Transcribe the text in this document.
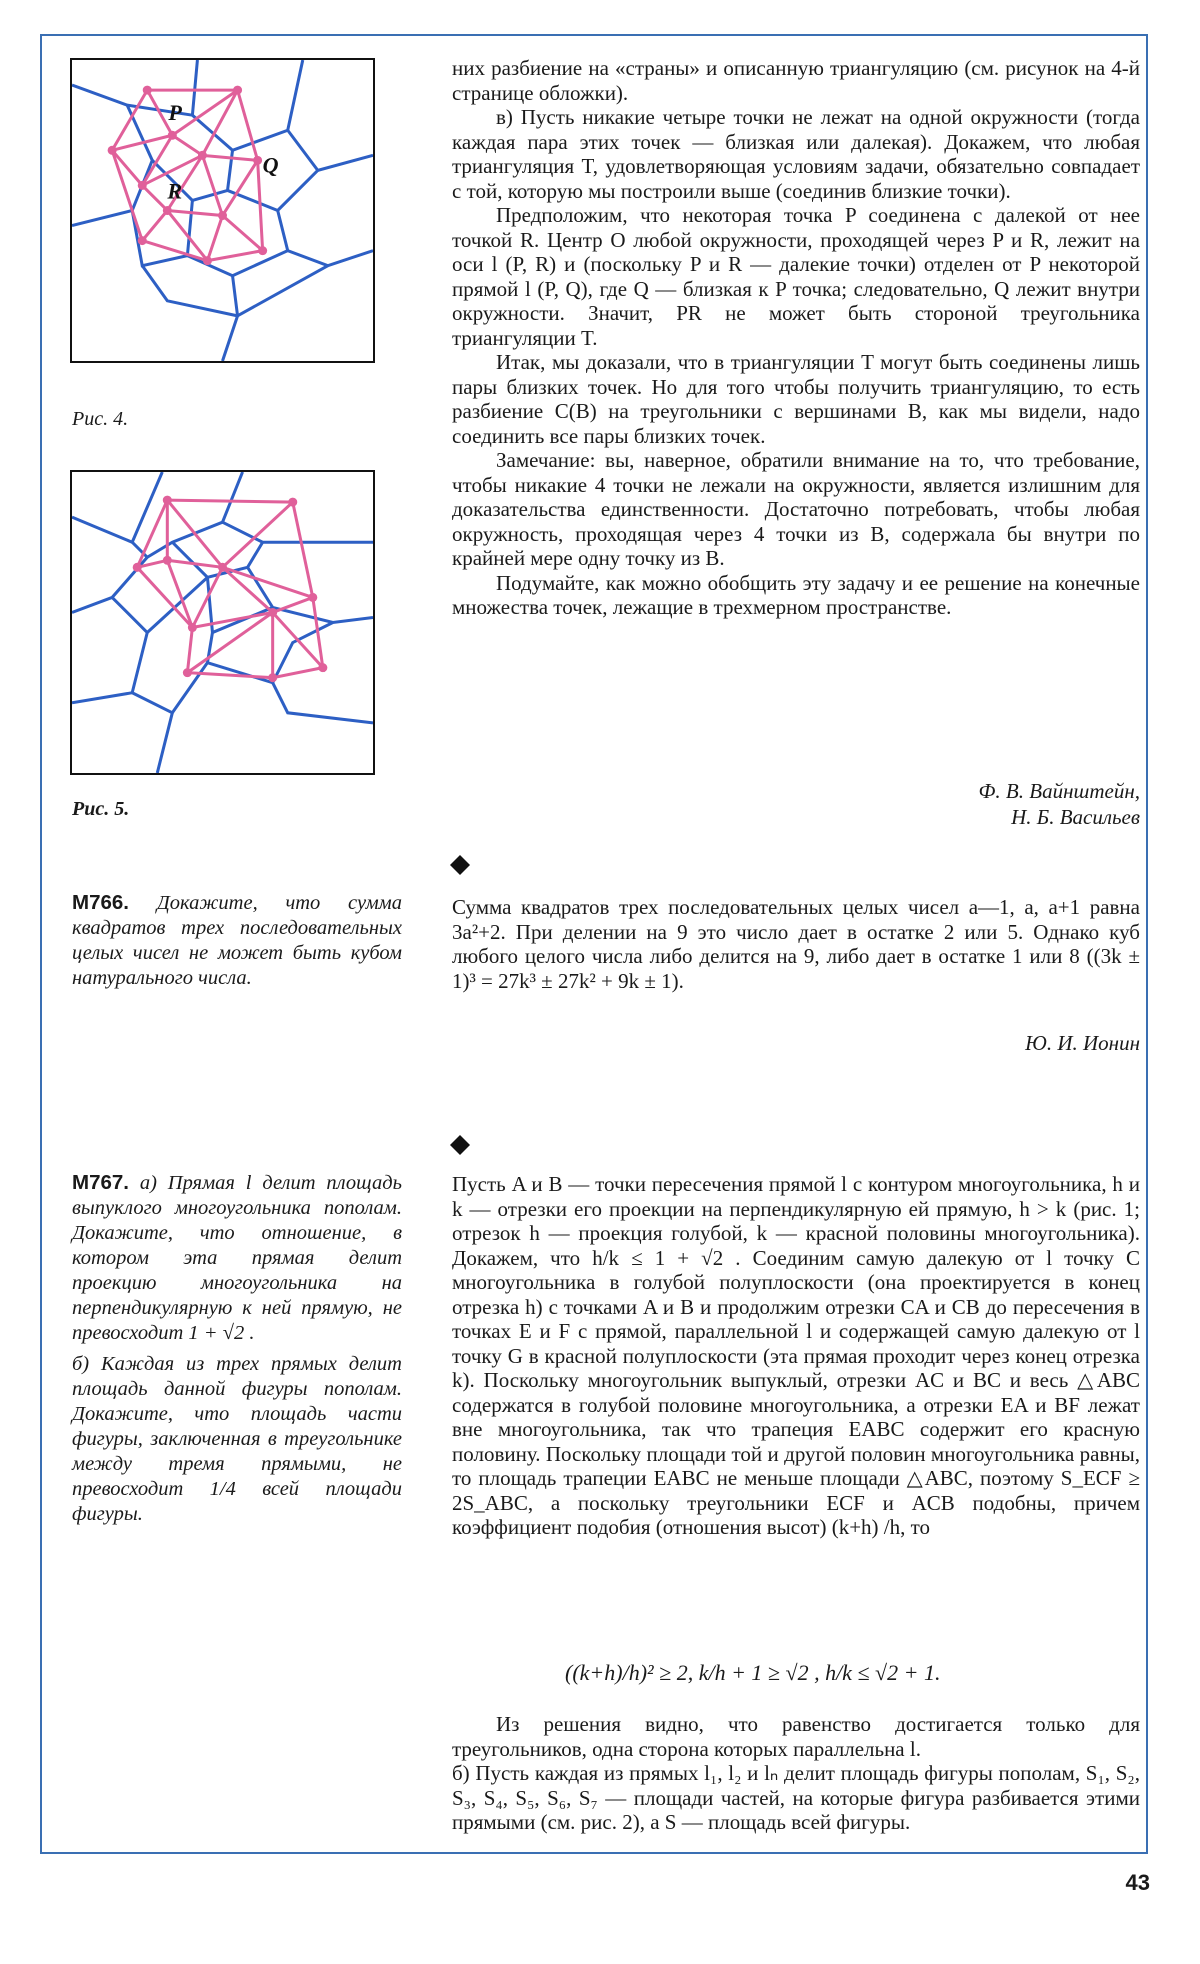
P
Q
R
Рис. 4.
Рис. 5.

них разбиение на «страны» и описанную триангуляцию (см. рисунок на 4-й странице обложки).

в) Пусть никакие четыре точки не лежат на одной окружности (тогда каждая пара этих точек — близкая или далекая). Докажем, что любая триангуляция T, удовлетворяющая условиям задачи, обязательно совпадает с той, которую мы построили выше (соединив близкие точки).

Предположим, что некоторая точка P соединена с далекой от нее точкой R. Центр O любой окружности, проходящей через P и R, лежит на оси l (P, R) и (поскольку P и R — далекие точки) отделен от P некоторой прямой l (P, Q), где Q — близкая к P точка; следовательно, Q лежит внутри окружности. Значит, PR не может быть стороной треугольника триангуляции T.

Итак, мы доказали, что в триангуляции T могут быть соединены лишь пары близких точек. Но для того чтобы получить триангуляцию, то есть разбиение C(B) на треугольники с вершинами B, как мы видели, надо соединить все пары близких точек.

Замечание: вы, наверное, обратили внимание на то, что требование, чтобы никакие 4 точки не лежали на окружности, является излишним для доказательства единственности. Достаточно потребовать, чтобы любая окружность, проходящая через 4 точки из B, содержала бы внутри по крайней мере одну точку из B.

Подумайте, как можно обобщить эту задачу и ее решение на конечные множества точек, лежащие в трехмерном пространстве.

Ф. В. Вайнштейн,
Н. Б. Васильев
М766. Докажите, что сумма квадратов трех последовательных целых чисел не может быть кубом натурального числа.

Сумма квадратов трех последовательных целых чисел a—1, a, a+1 равна 3a²+2. При делении на 9 это число дает в остатке 2 или 5. Однако куб любого целого числа либо делится на 9, либо дает в остатке 1 или 8 ((3k ± 1)³ = 27k³ ± 27k² + 9k ± 1).

Ю. И. Ионин
М767. а) Прямая l делит площадь выпуклого многоугольника пополам. Докажите, что отношение, в котором эта прямая делит проекцию многоугольника на перпендикулярную к ней прямую, не превосходит 1 + √2 .
б) Каждая из трех прямых делит площадь данной фигуры пополам. Докажите, что площадь части фигуры, заключенная в треугольнике между тремя прямыми, не превосходит 1/4 всей площади фигуры.

Пусть A и B — точки пересечения прямой l с контуром многоугольника, h и k — отрезки его проекции на перпендикулярную ей прямую, h > k (рис. 1; отрезок h — проекция голубой, k — красной половины многоугольника). Докажем, что h/k ≤ 1 + √2 . Соединим самую далекую от l точку C многоугольника в голубой полуплоскости (она проектируется в конец отрезка h) с точками A и B и продолжим отрезки CA и CB до пересечения в точках E и F с прямой, параллельной l и содержащей самую далекую от l точку G в красной полуплоскости (эта прямая проходит через конец отрезка k). Поскольку многоугольник выпуклый, отрезки AC и BC и весь △ABC содержатся в голубой половине многоугольника, а отрезки EA и BF лежат вне многоугольника, так что трапеция EABC содержит его красную половину. Поскольку площади той и другой половин многоугольника равны, то площадь трапеции EABC не меньше площади △ABC, поэтому S_ECF ≥ 2S_ABC, а поскольку треугольники ECF и ACB подобны, причем коэффициент подобия (отношения высот) (k+h) /h, то

((k+h)/h)² ≥ 2, k/h + 1 ≥ √2 , h/k ≤ √2 + 1.

Из решения видно, что равенство достигается только для треугольников, одна сторона которых параллельна l.

б) Пусть каждая из прямых l₁, l₂ и lₙ делит площадь фигуры пополам, S₁, S₂, S₃, S₄, S₅, S₆, S₇ — площади частей, на которые фигура разбивается этими прямыми (см. рис. 2), а S — площадь всей фигуры.

43
